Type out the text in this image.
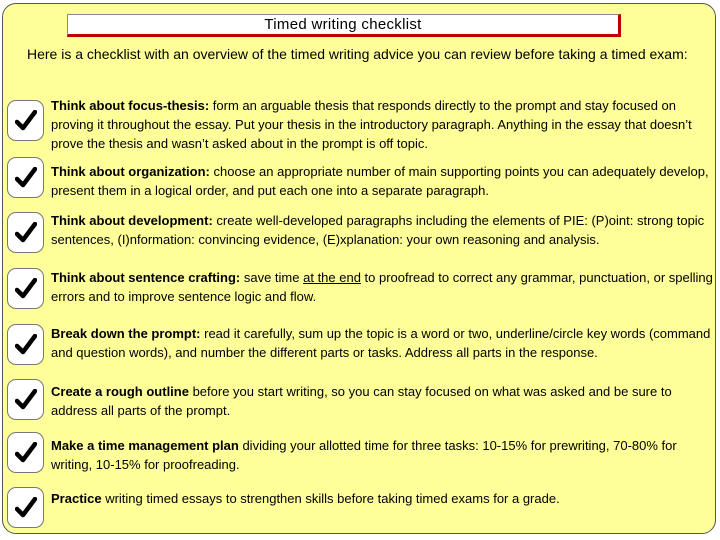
Timed writing checklist
Here is a checklist with an overview of the timed writing advice you can review before taking a timed exam:
Think about focus-thesis: form an arguable thesis that responds directly to the prompt and stay focused on proving it throughout the essay. Put your thesis in the introductory paragraph. Anything in the essay that doesn’t prove the thesis and wasn’t asked about in the prompt is off topic.
Think about organization: choose an appropriate number of main supporting points you can adequately develop, present them in a logical order, and put each one into a separate paragraph.
Think about development: create well-developed paragraphs including the elements of PIE: (P)oint: strong topic sentences, (I)nformation: convincing evidence, (E)xplanation: your own reasoning and analysis.
Think about sentence crafting: save time at the end to proofread to correct any grammar, punctuation, or spelling errors and to improve sentence logic and flow.
Break down the prompt: read it carefully, sum up the topic is a word or two, underline/circle key words (command and question words), and number the different parts or tasks. Address all parts in the response.
Create a rough outline before you start writing, so you can stay focused on what was asked and be sure to address all parts of the prompt.
Make a time management plan dividing your allotted time for three tasks: 10-15% for prewriting, 70-80% for writing, 10-15% for proofreading.
Practice writing timed essays to strengthen skills before taking timed exams for a grade.
